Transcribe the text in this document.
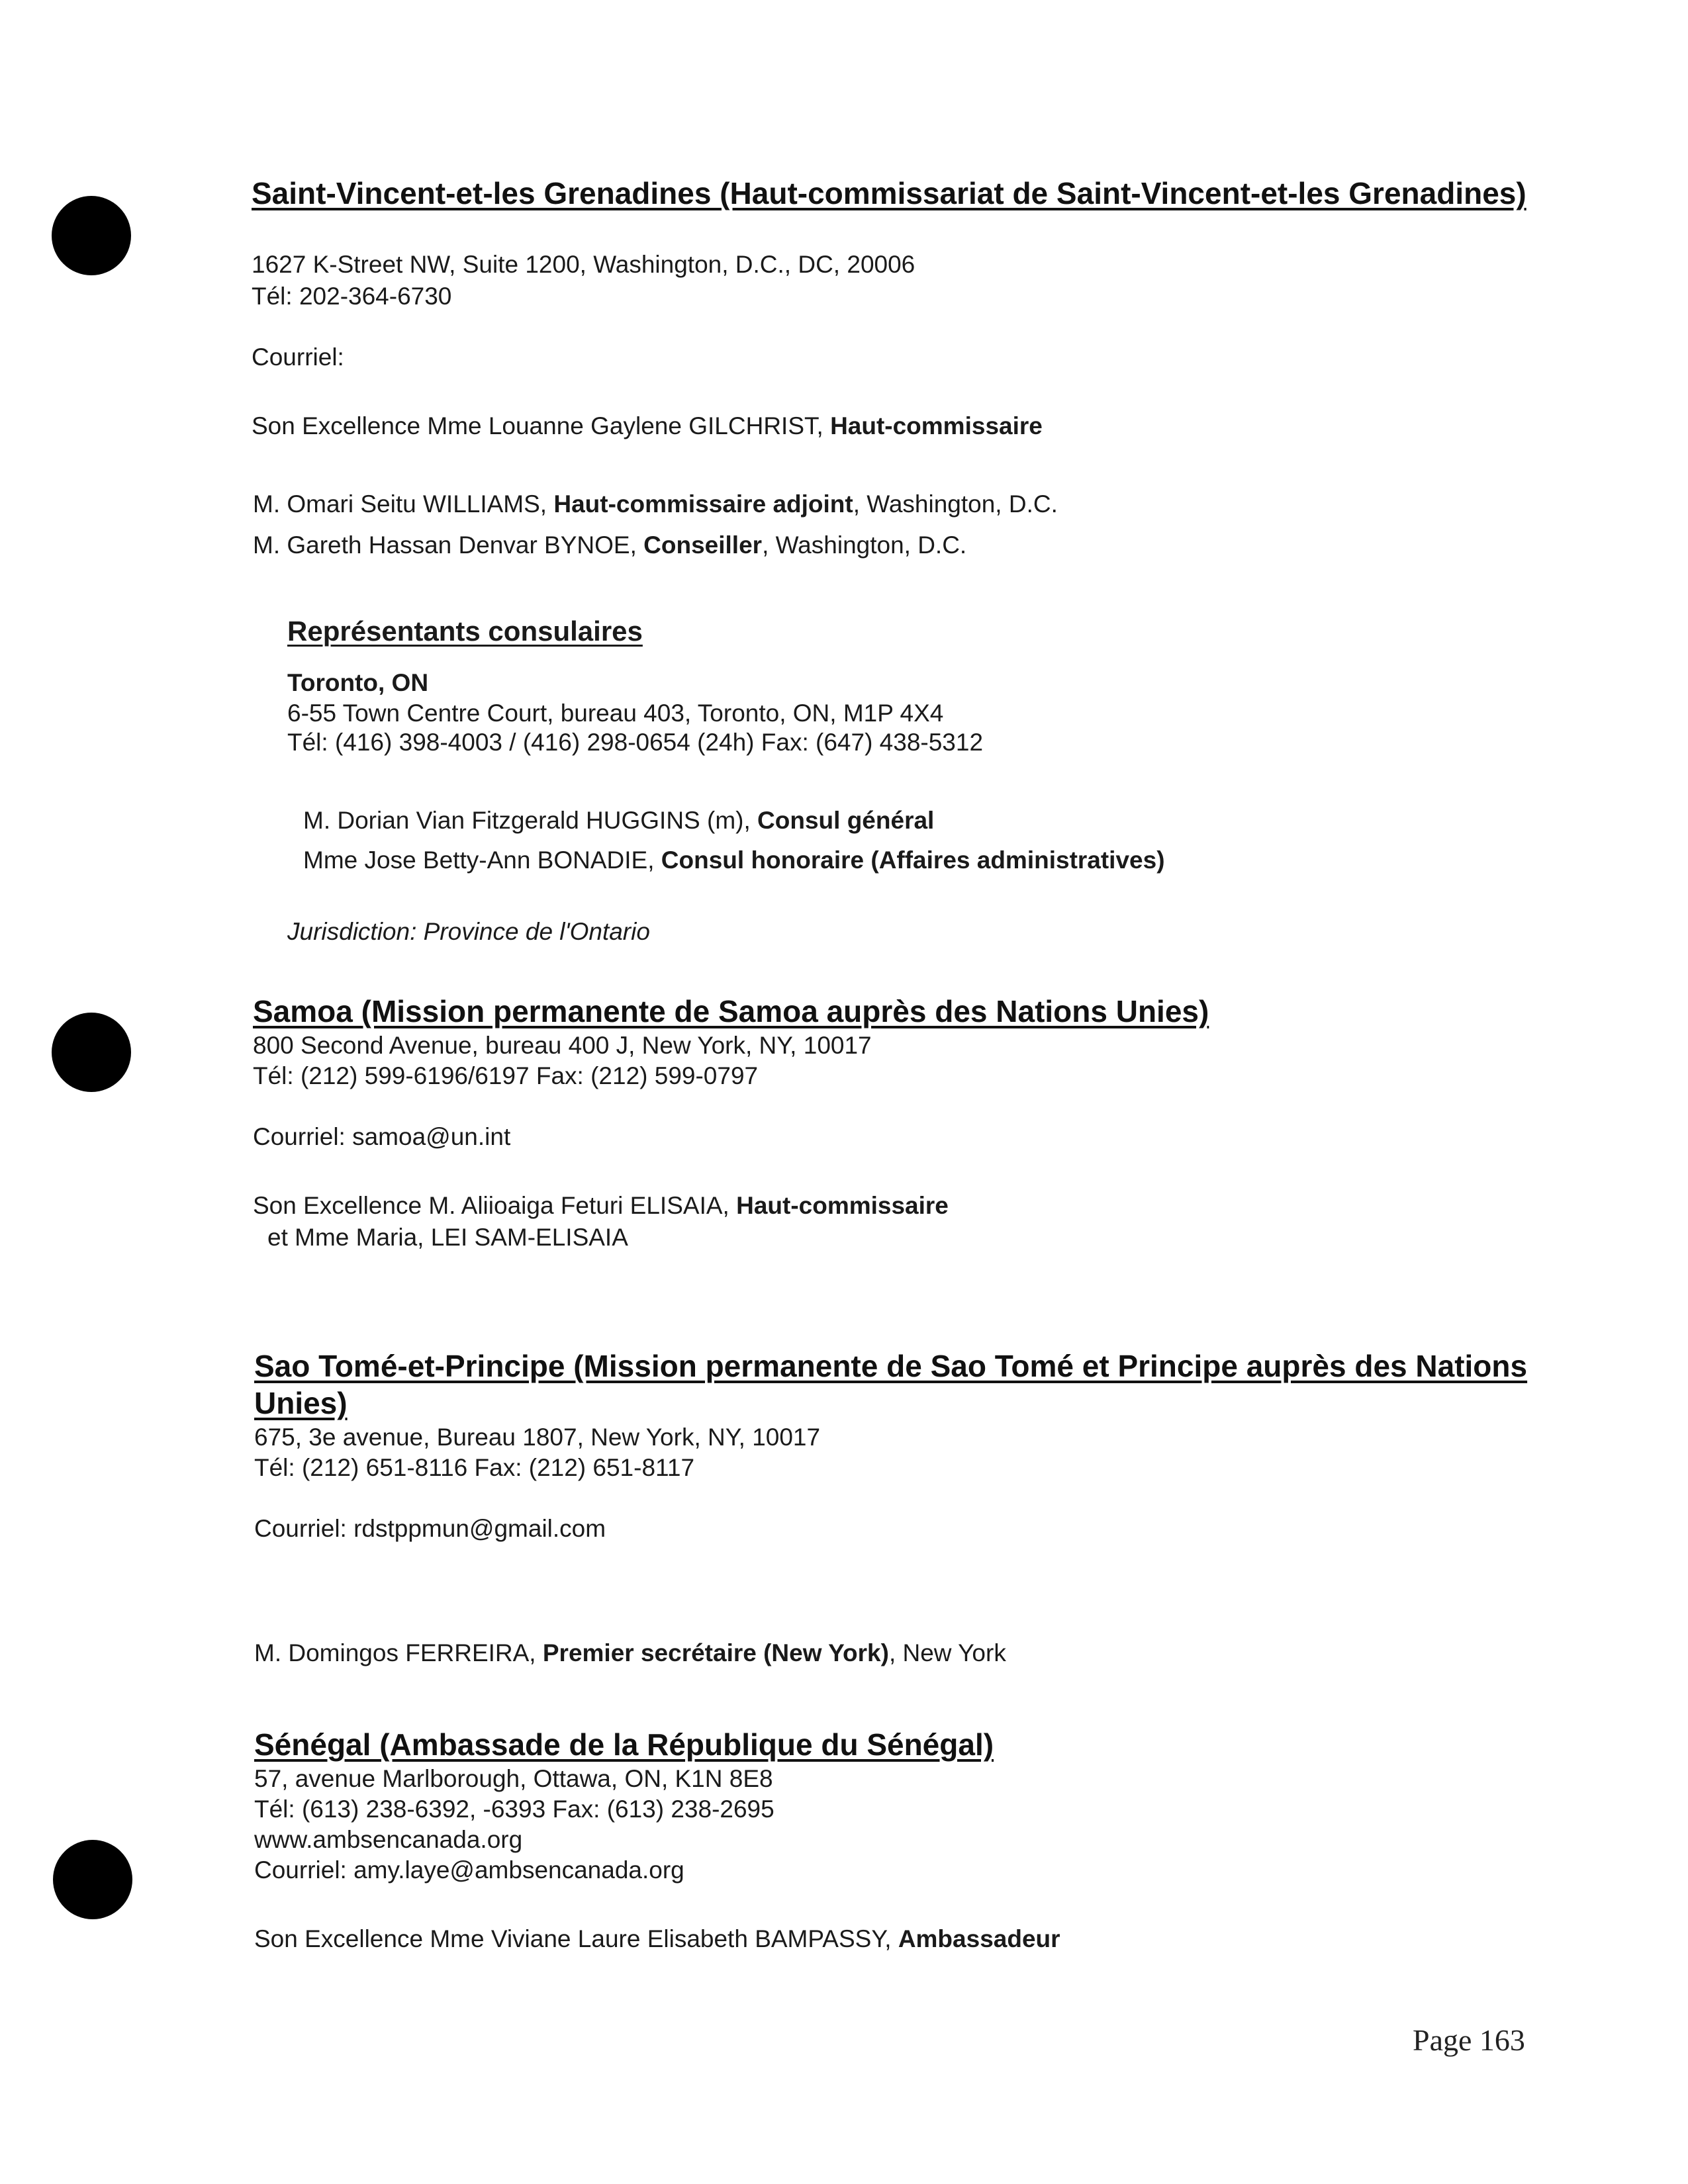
Saint-Vincent-et-les Grenadines (Haut-commissariat de Saint-Vincent-et-les Grenadines)
1627 K-Street NW, Suite 1200, Washington, D.C., DC, 20006
Tél: 202-364-6730
Courriel:
Son Excellence Mme Louanne Gaylene GILCHRIST, Haut-commissaire
M. Omari Seitu WILLIAMS, Haut-commissaire adjoint, Washington, D.C.
M. Gareth Hassan Denvar BYNOE, Conseiller, Washington, D.C.
Représentants consulaires
Toronto, ON
6-55 Town Centre Court, bureau 403, Toronto, ON, M1P 4X4
Tél: (416) 398-4003 / (416) 298-0654 (24h) Fax: (647) 438-5312
M. Dorian Vian Fitzgerald HUGGINS (m), Consul général
Mme Jose Betty-Ann BONADIE, Consul honoraire (Affaires administratives)
Jurisdiction: Province de l'Ontario
Samoa (Mission permanente de Samoa auprès des Nations Unies)
800 Second Avenue, bureau 400 J, New York, NY, 10017
Tél: (212) 599-6196/6197 Fax: (212) 599-0797
Courriel: samoa@un.int
Son Excellence M. Aliioaiga Feturi ELISAIA, Haut-commissaire
et Mme Maria, LEI SAM-ELISAIA
Sao Tomé-et-Principe (Mission permanente de Sao Tomé et Principe auprès des Nations Unies)
675, 3e avenue, Bureau 1807, New York, NY, 10017
Tél: (212) 651-8116 Fax: (212) 651-8117
Courriel: rdstppmun@gmail.com
M. Domingos FERREIRA, Premier secrétaire (New York), New York
Sénégal (Ambassade de la République du Sénégal)
57, avenue Marlborough, Ottawa, ON, K1N 8E8
Tél: (613) 238-6392, -6393 Fax: (613) 238-2695
www.ambsencanada.org
Courriel: amy.laye@ambsencanada.org
Son Excellence Mme Viviane Laure Elisabeth BAMPASSY, Ambassadeur
Page 163
